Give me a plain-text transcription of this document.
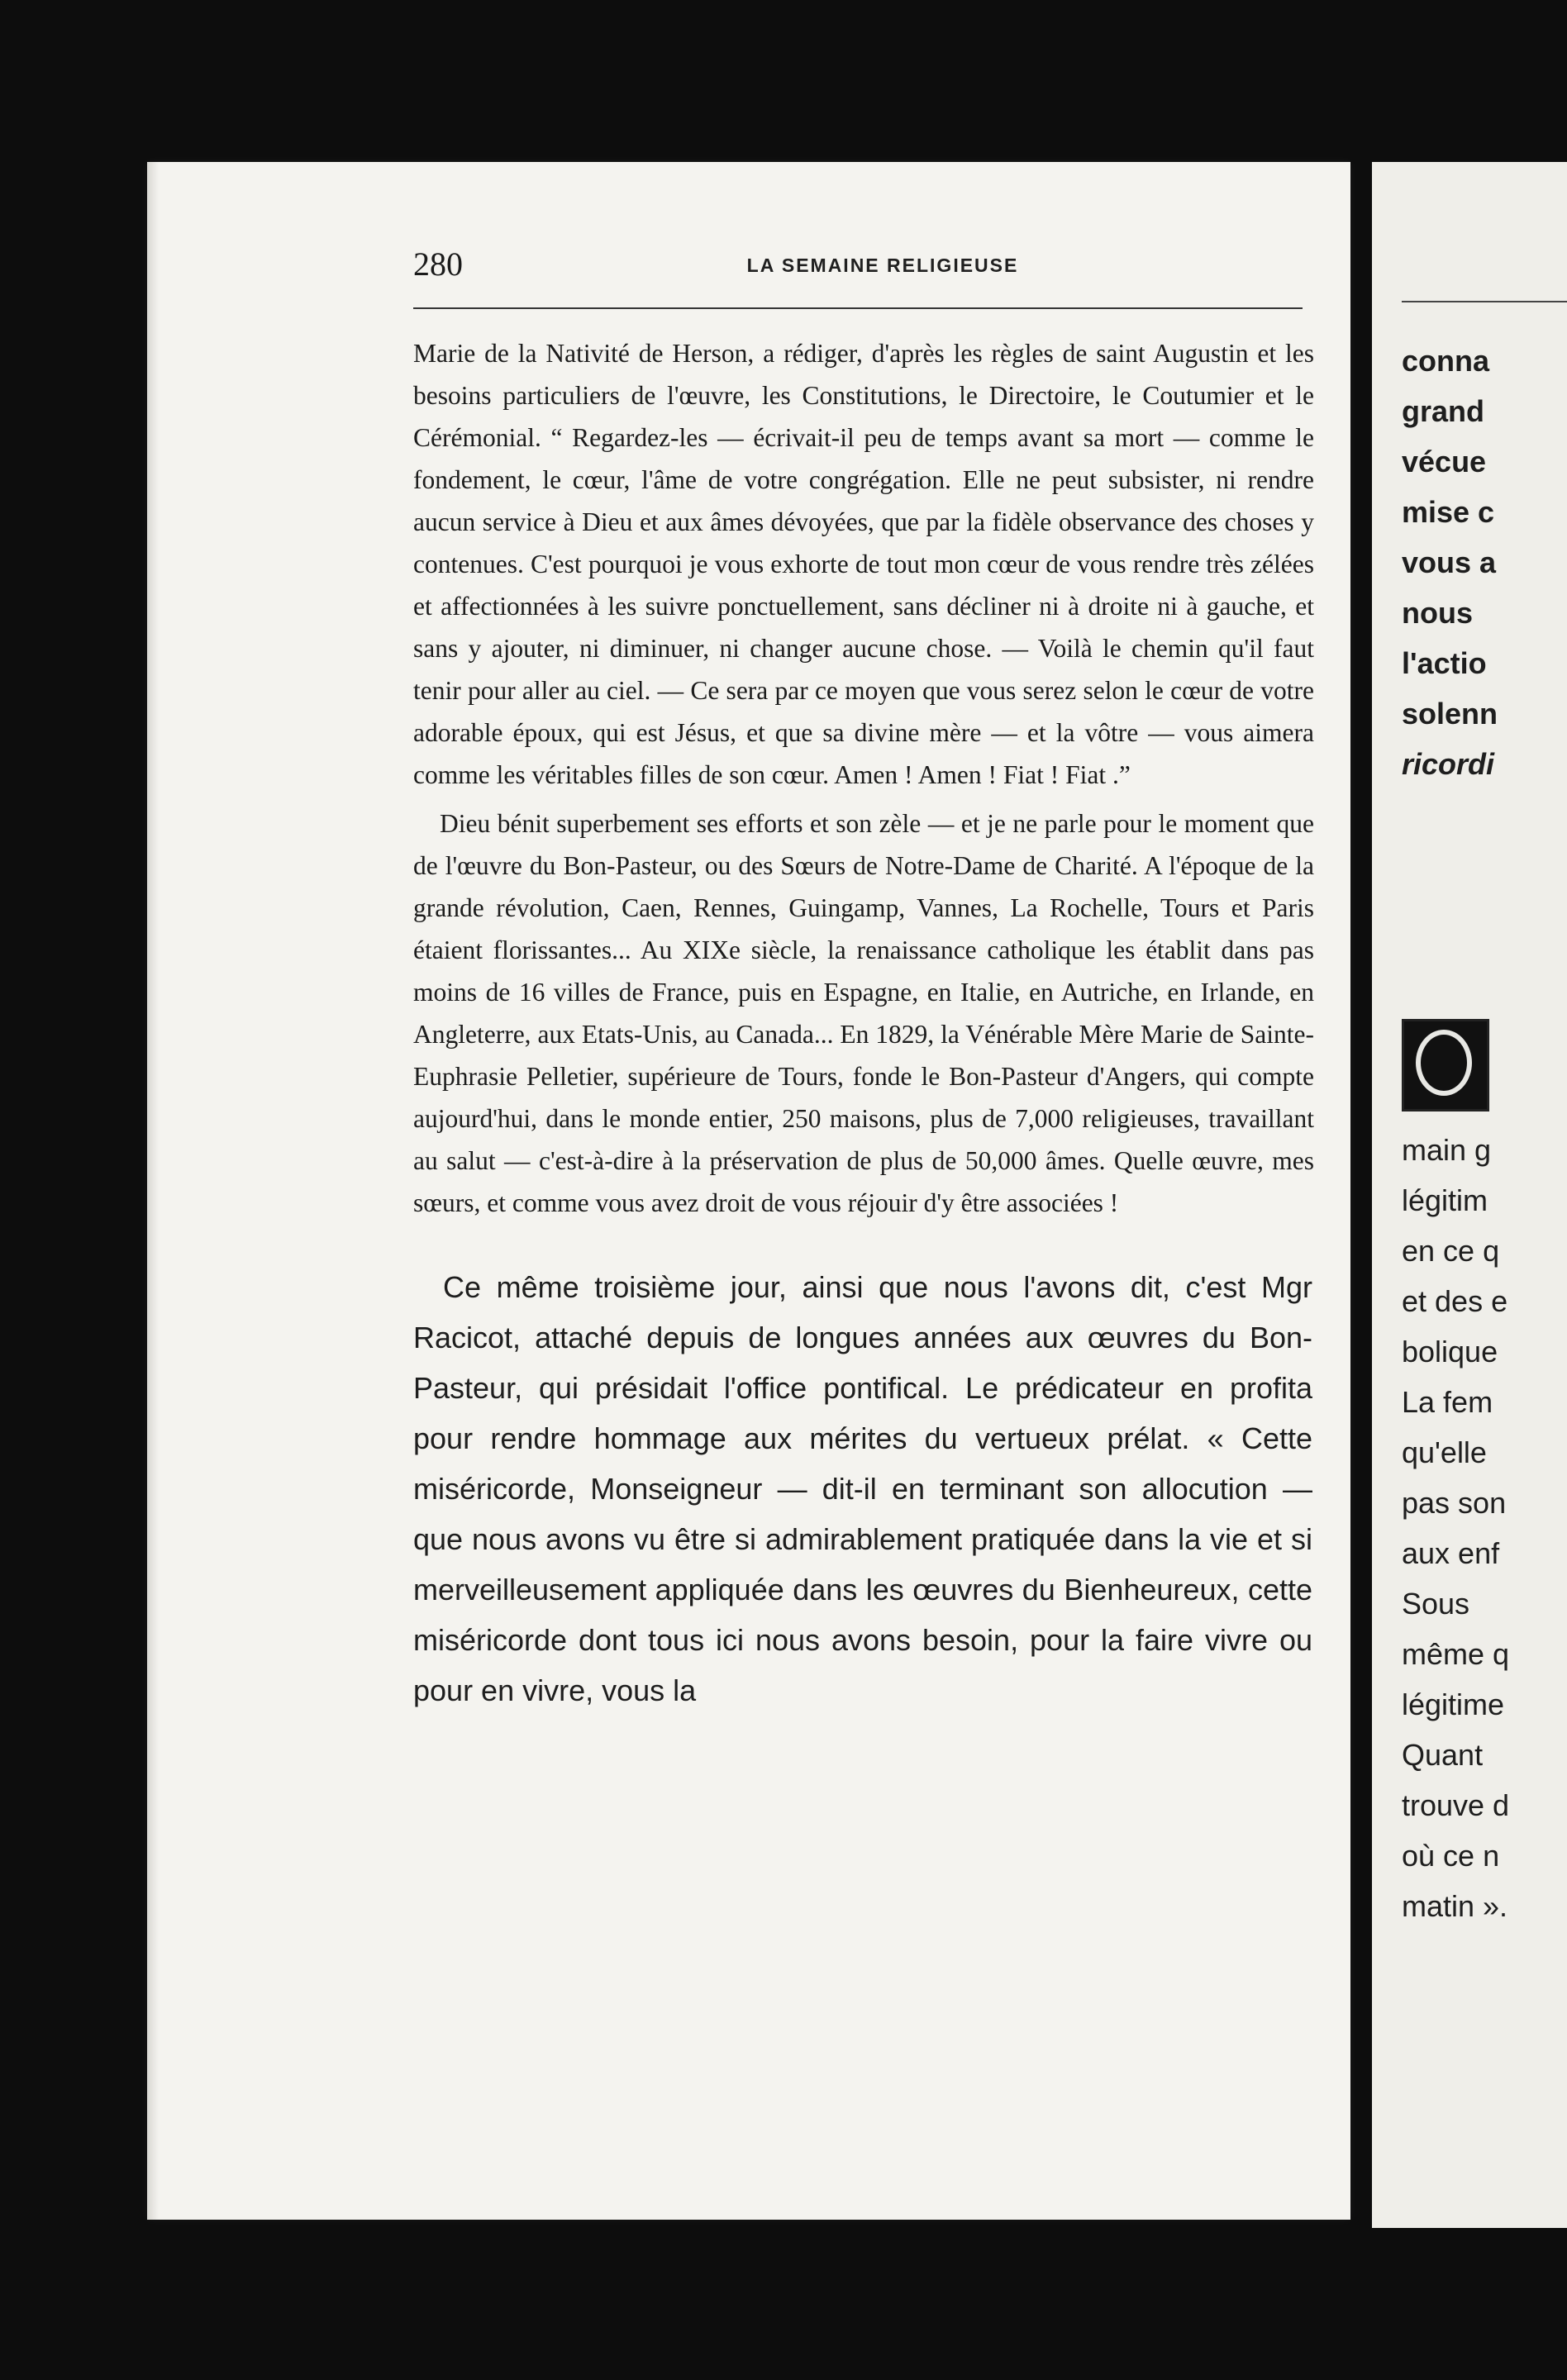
280	LA SEMAINE RELIGIEUSE

Marie de la Nativité de Herson, a rédiger, d'après les règles de saint Augustin et les besoins particuliers de l'œuvre, les Constitutions, le Directoire, le Coutumier et le Cérémonial. “ Regardez-les — écrivait-il peu de temps avant sa mort — comme le fondement, le cœur, l'âme de votre congrégation. Elle ne peut subsister, ni rendre aucun service à Dieu et aux âmes dévoyées, que par la fidèle observance des choses y contenues. C'est pourquoi je vous exhorte de tout mon cœur de vous rendre très zélées et affectionnées à les suivre ponctuellement, sans décliner ni à droite ni à gauche, et sans y ajouter, ni diminuer, ni changer aucune chose. — Voilà le chemin qu'il faut tenir pour aller au ciel. — Ce sera par ce moyen que vous serez selon le cœur de votre adorable époux, qui est Jésus, et que sa divine mère — et la vôtre — vous aimera comme les véritables filles de son cœur. Amen ! Amen ! Fiat ! Fiat .”

Dieu bénit superbement ses efforts et son zèle — et je ne parle pour le moment que de l'œuvre du Bon-Pasteur, ou des Sœurs de Notre-Dame de Charité. A l'époque de la grande révolution, Caen, Rennes, Guingamp, Vannes, La Rochelle, Tours et Paris étaient florissantes... Au XIXe siècle, la renaissance catholique les établit dans pas moins de 16 villes de France, puis en Espagne, en Italie, en Autriche, en Irlande, en Angleterre, aux Etats-Unis, au Canada... En 1829, la Vénérable Mère Marie de Sainte-Euphrasie Pelletier, supérieure de Tours, fonde le Bon-Pasteur d'Angers, qui compte aujourd'hui, dans le monde entier, 250 maisons, plus de 7,000 religieuses, travaillant au salut — c'est-à-dire à la préservation de plus de 50,000 âmes. Quelle œuvre, mes sœurs, et comme vous avez droit de vous réjouir d'y être associées !

Ce même troisième jour, ainsi que nous l'avons dit, c'est Mgr Racicot, attaché depuis de longues années aux œuvres du Bon-Pasteur, qui présidait l'office pontifical. Le prédicateur en profita pour rendre hommage aux mérites du vertueux prélat. « Cette miséricorde, Monseigneur — dit-il en terminant son allocution — que nous avons vu être si admirablement pratiquée dans la vie et si merveilleusement appliquée dans les œuvres du Bienheureux, cette miséricorde dont tous ici nous avons besoin, pour la faire vivre ou pour en vivre, vous la

conna
grand
vécue
mise c
vous a
nous
l'actio
solenn
ricordi
main g
légitim
en ce q
et des e
bolique
La fem
qu'elle
pas son
aux enf
Sous
même q
légitime
Quant
trouve d
où ce n
matin ».
